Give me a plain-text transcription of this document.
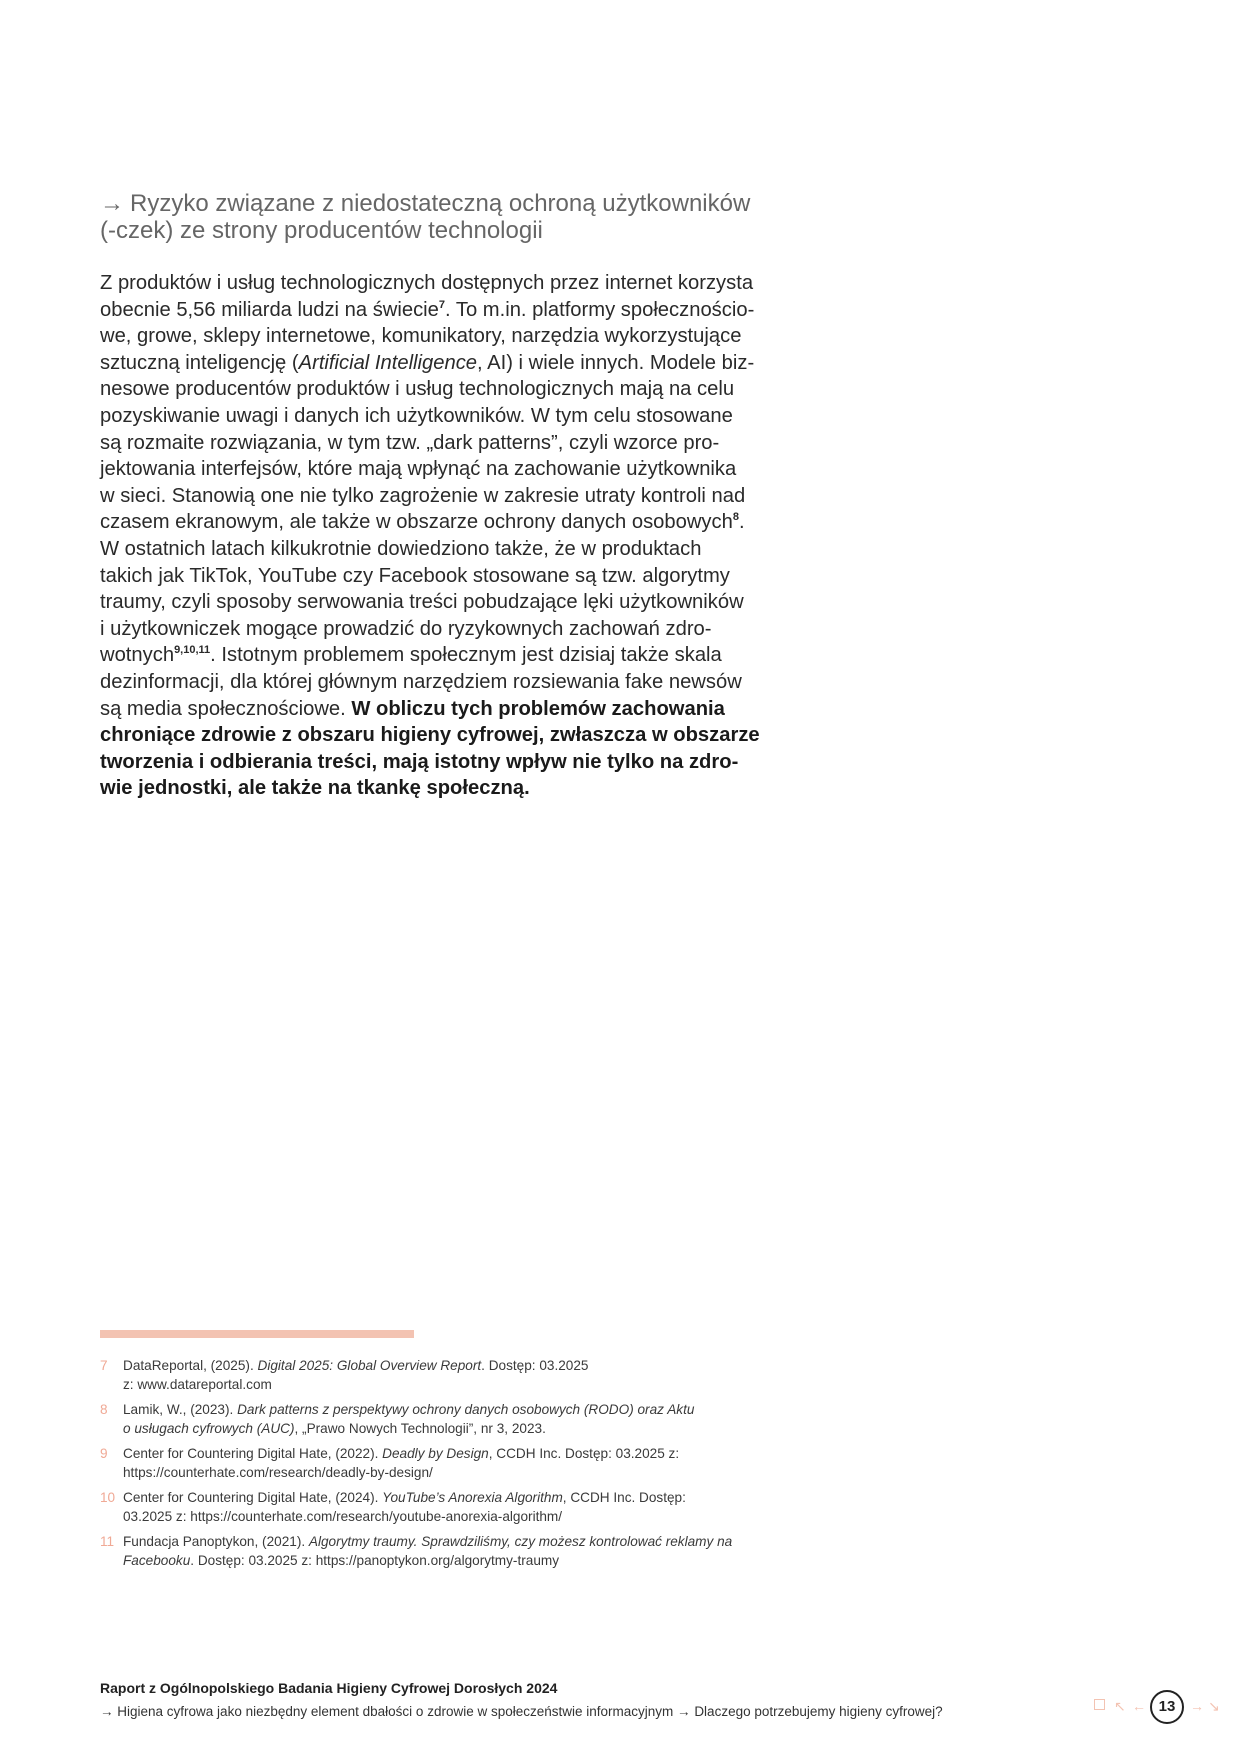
→ Ryzyko związane z niedostateczną ochroną użytkowników
(-czek) ze strony producentów technologii
Z produktów i usług technologicznych dostępnych przez internet korzysta
obecnie 5,56 miliarda ludzi na świecie$^7$. To m.in. platformy społecznościo-
we, growe, sklepy internetowe, komunikatory, narzędzia wykorzystujące
sztuczną inteligencję (Artificial Intelligence, AI) i wiele innych. Modele biz-
nesowe producentów produktów i usług technologicznych mają na celu
pozyskiwanie uwagi i danych ich użytkowników. W tym celu stosowane
są rozmaite rozwiązania, w tym tzw. „dark patterns”, czyli wzorce pro-
jektowania interfejsów, które mają wpłynąć na zachowanie użytkownika
w sieci. Stanowią one nie tylko zagrożenie w zakresie utraty kontroli nad
czasem ekranowym, ale także w obszarze ochrony danych osobowych$^8$.
W ostatnich latach kilkukrotnie dowiedziono także, że w produktach
takich jak TikTok, YouTube czy Facebook stosowane są tzw. algorytmy
traumy, czyli sposoby serwowania treści pobudzające lęki użytkowników
i użytkowniczek mogące prowadzić do ryzykownych zachowań zdro-
wotnych$^{9,10,11}$. Istotnym problemem społecznym jest dzisiaj także skala
dezinformacji, dla której głównym narzędziem rozsiewania fake newsów
są media społecznościowe. W obliczu tych problemów zachowania
chroniące zdrowie z obszaru higieny cyfrowej, zwłaszcza w obszarze
tworzenia i odbierania treści, mają istotny wpływ nie tylko na zdro-
wie jednostki, ale także na tkankę społeczną.
7 DataReportal, (2025). Digital 2025: Global Overview Report. Dostęp: 03.2025
z: www.datareportal.com
8 Lamik, W., (2023). Dark patterns z perspektywy ochrony danych osobowych (RODO) oraz Aktu
o usługach cyfrowych (AUC), „Prawo Nowych Technologii”, nr 3, 2023.
9 Center for Countering Digital Hate, (2022). Deadly by Design, CCDH Inc. Dostęp: 03.2025 z:
https://counterhate.com/research/deadly-by-design/
10 Center for Countering Digital Hate, (2024). YouTube’s Anorexia Algorithm, CCDH Inc. Dostęp:
03.2025 z: https://counterhate.com/research/youtube-anorexia-algorithm/
11 Fundacja Panoptykon, (2021). Algorytmy traumy. Sprawdziliśmy, czy możesz kontrolować reklamy na
Facebooku. Dostęp: 03.2025 z: https://panoptykon.org/algorytmy-traumy
Raport z Ogólnopolskiego Badania Higieny Cyfrowej Dorosłych 2024
→ Higiena cyfrowa jako niezbędny element dbałości o zdrowie w społeczeństwie informacyjnym → Dlaczego potrzebujemy higieny cyfrowej?	↖ ← 13	→ ↘
